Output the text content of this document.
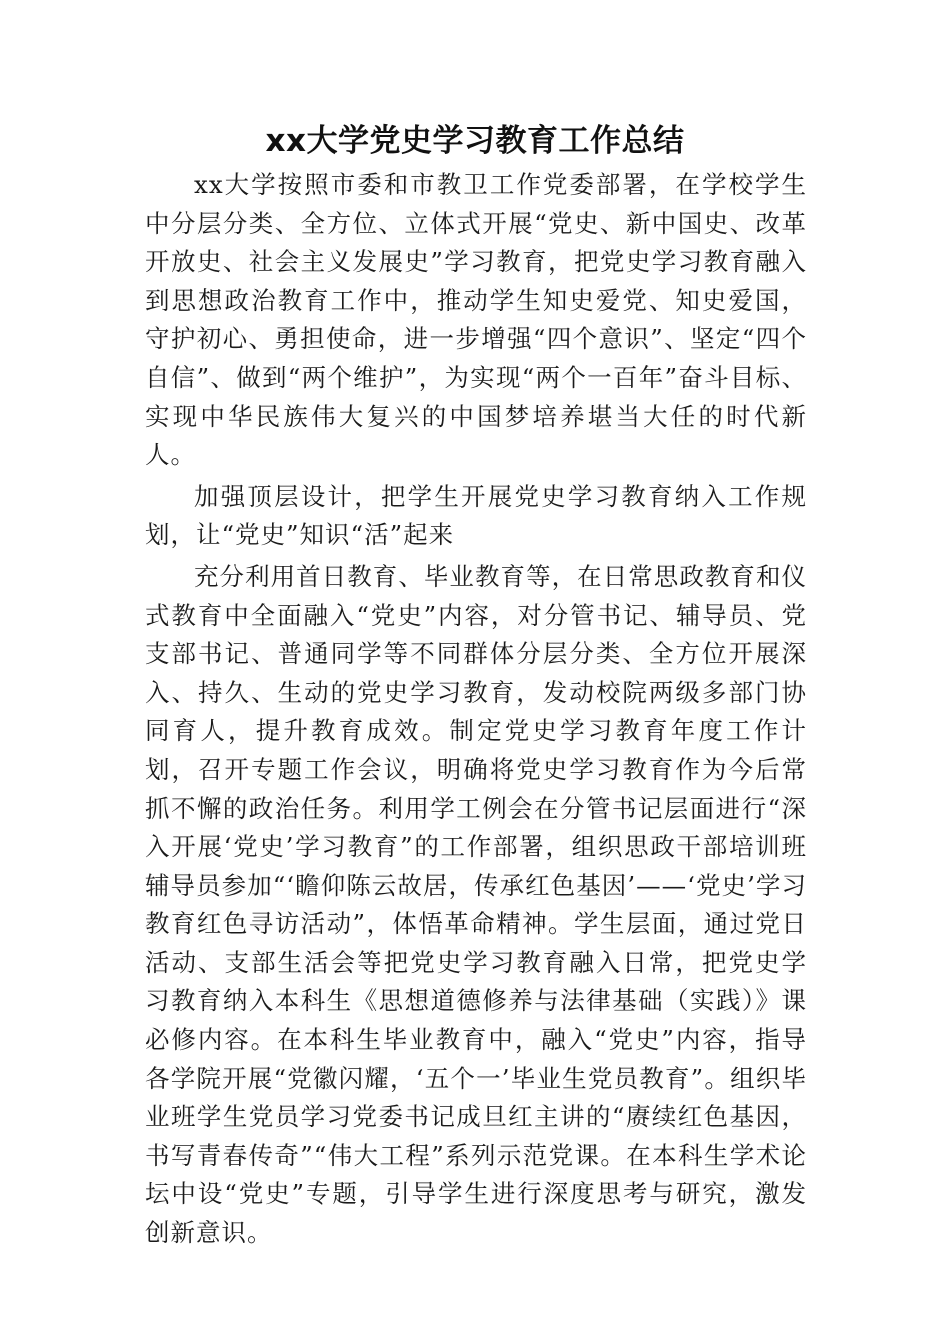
xx大学党史学习教育工作总结

xx大学按照市委和市教卫工作党委部署，在学校学生中分层分类、全方位、立体式开展“党史、新中国史、改革开放史、社会主义发展史”学习教育，把党史学习教育融入到思想政治教育工作中，推动学生知史爱党、知史爱国，守护初心、勇担使命，进一步增强“四个意识”、坚定“四个自信”、做到“两个维护”，为实现“两个一百年”奋斗目标、实现中华民族伟大复兴的中国梦培养堪当大任的时代新人。

加强顶层设计，把学生开展党史学习教育纳入工作规划，让“党史”知识“活”起来

充分利用首日教育、毕业教育等，在日常思政教育和仪式教育中全面融入“党史”内容，对分管书记、辅导员、党支部书记、普通同学等不同群体分层分类、全方位开展深入、持久、生动的党史学习教育，发动校院两级多部门协同育人，提升教育成效。制定党史学习教育年度工作计划，召开专题工作会议，明确将党史学习教育作为今后常抓不懈的政治任务。利用学工例会在分管书记层面进行“深入开展‘党史’学习教育”的工作部署，组织思政干部培训班辅导员参加“‘瞻仰陈云故居，传承红色基因’——‘党史’学习教育红色寻访活动”，体悟革命精神。学生层面，通过党日活动、支部生活会等把党史学习教育融入日常，把党史学习教育纳入本科生《思想道德修养与法律基础（实践）》课必修内容。在本科生毕业教育中，融入“党史”内容，指导各学院开展“党徽闪耀，‘五个一’毕业生党员教育”。组织毕业班学生党员学习党委书记成旦红主讲的“赓续红色基因，书写青春传奇”“伟大工程”系列示范党课。在本科生学术论坛中设“党史”专题，引导学生进行深度思考与研究，激发创新意识。
